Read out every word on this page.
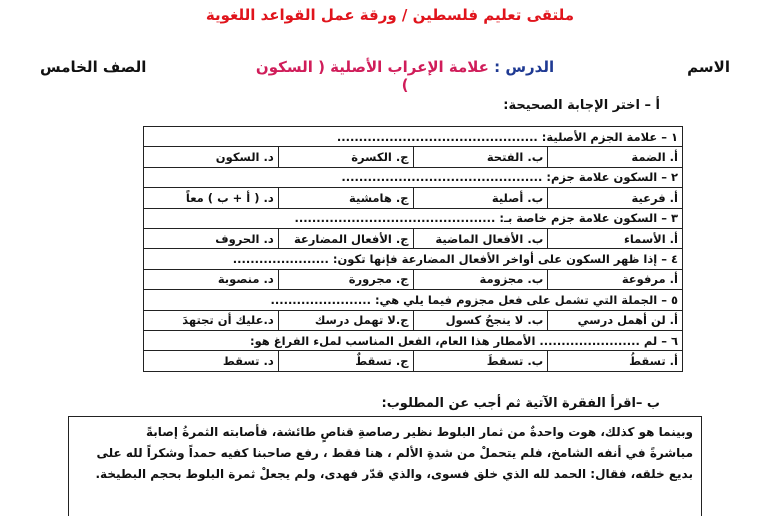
ملتقى تعليم فلسطين / ورقة عمل القواعد اللغوية
الاسم
الدرس : علامة الإعراب الأصلية ( السكون )
الصف الخامس
أ – اختر الإجابة الصحيحة:
١ – علامة الجزم الأصلية: ..............................................			
أ. الضمة	ب. الفتحة	ج. الكسرة	د. السكون
٢ – السكون علامة جزم: ..............................................			
أ. فرعية	ب. أصلية	ج. هامشية	د. ( أ + ب ) معاً
٣ – السكون علامة جزم خاصة بـ: ..............................................			
أ. الأسماء	ب. الأفعال الماضية	ج. الأفعال المضارعة	د. الحروف
٤ – إذا ظهر السكون على أواخر الأفعال المضارعة فإنها تكون: ......................			
أ. مرفوعة	ب. مجزومة	ج. مجرورة	د. منصوبة
٥ – الجملة التي تشمل على فعل مجزوم فيما يلي هي: .......................			
أ. لن أهمل درسي	ب. لا ينجحُ كسول	ج.لا تهمل درسك	د.عليك أن تجتهدَ
٦ – لم ....................... الأمطار هذا العام، الفعل المناسب لملء الفراغ هو:			
أ. تسقطُ	ب. تسقطَ	ج. تسقطٌ	د. تسقط
ب –اقرأ الفقرة الآتية ثم أجب عن المطلوب:

وبينما هو كذلك، هوت واحدةٌ من ثمار البلوط نظير رصاصةِ قناصٍ طائشة، فأصابته الثمرةُ إصابةً

مباشرةً في أنفه الشامخ، فلم يتحملْ من شدةِ الألم ، هنا فقط ، رفع صاحبنا كفيه حمداً وشكراً لله على

بديع خلقه، فقال: الحمد لله الذي خلق فسوى، والذي قدّر فهدى، ولم يجعلْ ثمرة البلوط بحجم البطيخة.
